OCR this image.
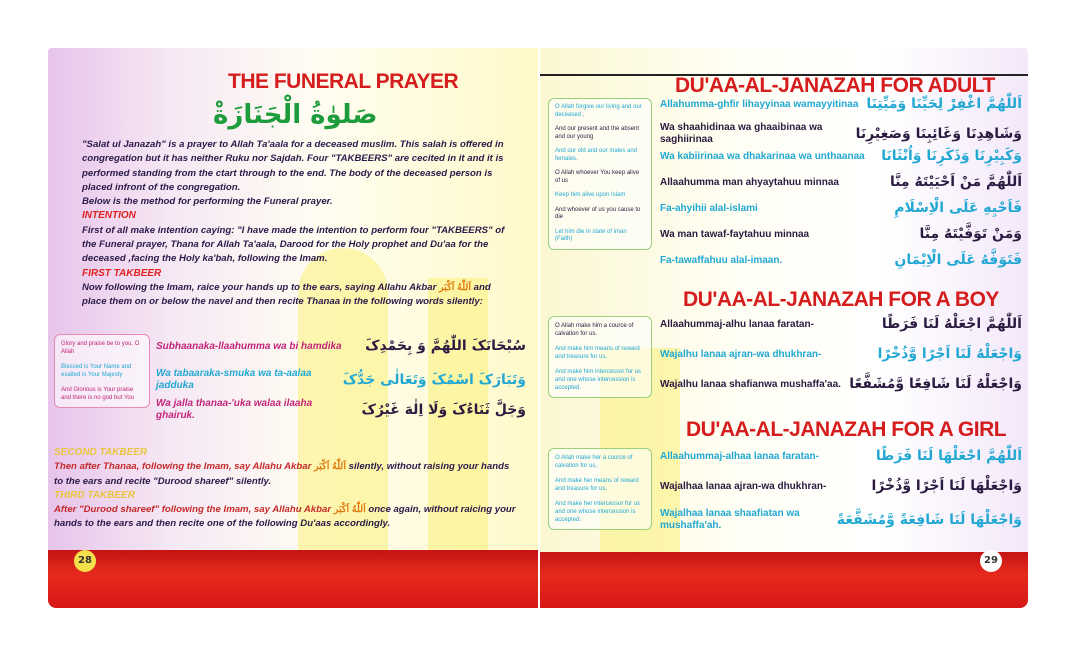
THE FUNERAL PRAYER
صَلوٰةُ الْجَنَازَةْ
"Salat ul Janazah" is a prayer to Allah Ta'aala for a deceased muslim. This salah is offered in congregation but it has neither Ruku nor Sajdah. Four "TAKBEERS" are cecited in it and it is performed standing from the ctart through to the end. The body of the deceased person is placed infront of the congregation.
Below is the method for performing the Funeral prayer.
INTENTION
First of all make intention caying: "I have made the intention to perform four "TAKBEERS" of the Funeral prayer, Thana for Allah Ta'aala, Darood for the Holy prophet and Du'aa for the deceased ,facing the Holy ka'bah, following the Imam.
FIRST TAKBEER
Now following the Imam, raice your hands up to the ears, saying Allahu Akbar اَللّٰهُ اَكْبَر and place them on or below the navel and then recite Thanaa in the following words silently:

Glory and praise be to you, O Allah

Blessed is Your Name and exalted is Your Majesty

And Glorious is Your praise and there is no god but You

Subhaanaka-llaahumma wa bi hamdika	سُبْحَانَکَ اللّٰهُمَّ وَ بِحَمْدِکَ
Wa tabaaraka-smuka wa ta-aalaa jadduka	وَتَبَارَکَ اسْمُکَ وَتَعَالٰی جَدُّکَ
Wa jalla thanaa-'uka walaa ilaaha ghairuk.	وَجَلَّ ثَنَاءُکَ وَلَا اِلٰهَ غَيْرُکَ
SECOND TAKBEER
Then after Thanaa, following the Imam, say Allahu Akbar اَللّٰهُ اَكْبَر silently, without raising your hands to the ears and recite "Durood shareef" silently.
THIRD TAKBEER
After "Durood shareef" following the Imam, say Allahu Akbar اَللّٰهُ اَكْبَر once again, without raicing your hands to the ears and then recite one of the following Du'aas accordingly.
28
DU'AA-AL-JANAZAH FOR ADULT

O Allah forgive our living and our deceased ,

And our present and the absent and our young

And our old and our males and females.

O Allah whoever You keep alive of us

Keep him alive upon Islam

And whoever of us you cause to die

Let him die in state of iman (Faith)

Allahumma-ghfir lihayyinaa wamayyitinaa اَللّٰهُمَّ اغْفِرْ لِحَيِّنَا وَمَيِّتِنَا
Wa shaahidinaa wa ghaaibinaa wa saghiirinaa	وَشَاهِدِنَا وَغَائِبِنَا وَصَغِيْرِنَا
Wa kabiirinaa wa dhakarinaa wa unthaanaa	وَكَبِيْرِنَا وَذَكَرِنَا وَاُنْثَانَا
Allaahumma man ahyaytahuu minnaa	اَللّٰهُمَّ مَنْ اَحْيَيْتَهُ مِنَّا
Fa-ahyihii alal-islami	فَاَحْيِهِ عَلَى الْاِسْلَامِ
Wa man tawaf-faytahuu minnaa	وَمَنْ تَوَفَّيْتَهُ مِنَّا
Fa-tawaffahuu alal-imaan.	فَتَوَفَّهُ عَلَى الْاِيْمَانِ
DU'AA-AL-JANAZAH FOR A BOY

O Allah make him a cource of calvation for us.

And make him means of reward and treasure for us,

And make him intercessor for us and one whose intercession is accepted.

Allaahummaj-alhu lanaa faratan-	اَللّٰهُمَّ اجْعَلْهُ لَنَا فَرَطًا
Wajalhu lanaa ajran-wa dhukhran-	وَاجْعَلْهُ لَنَا اَجْرًا وَّذُخْرًا
Wajalhu lanaa shafianwa mushaffa'aa. وَاجْعَلْهُ لَنَا شَافِعًا وَّمُشَفَّعًا
DU'AA-AL-JANAZAH FOR A GIRL

O Allah make her a cource of calvation for us,

And make her means of reward and treasure for us,

And make her intercessor for us and one whose intercession is accepted.

Allaahummaj-alhaa lanaa faratan-	اَللّٰهُمَّ اجْعَلْهَا لَنَا فَرَطًا
Wajalhaa lanaa ajran-wa dhukhran-	وَاجْعَلْهَا لَنَا اَجْرًا وَّذُخْرًا
Wajalhaa lanaa shaafiatan wa mushaffa'ah.	وَاجْعَلْهَا لَنَا شَافِعَةً وَّمُشَفَّعَةً
29
